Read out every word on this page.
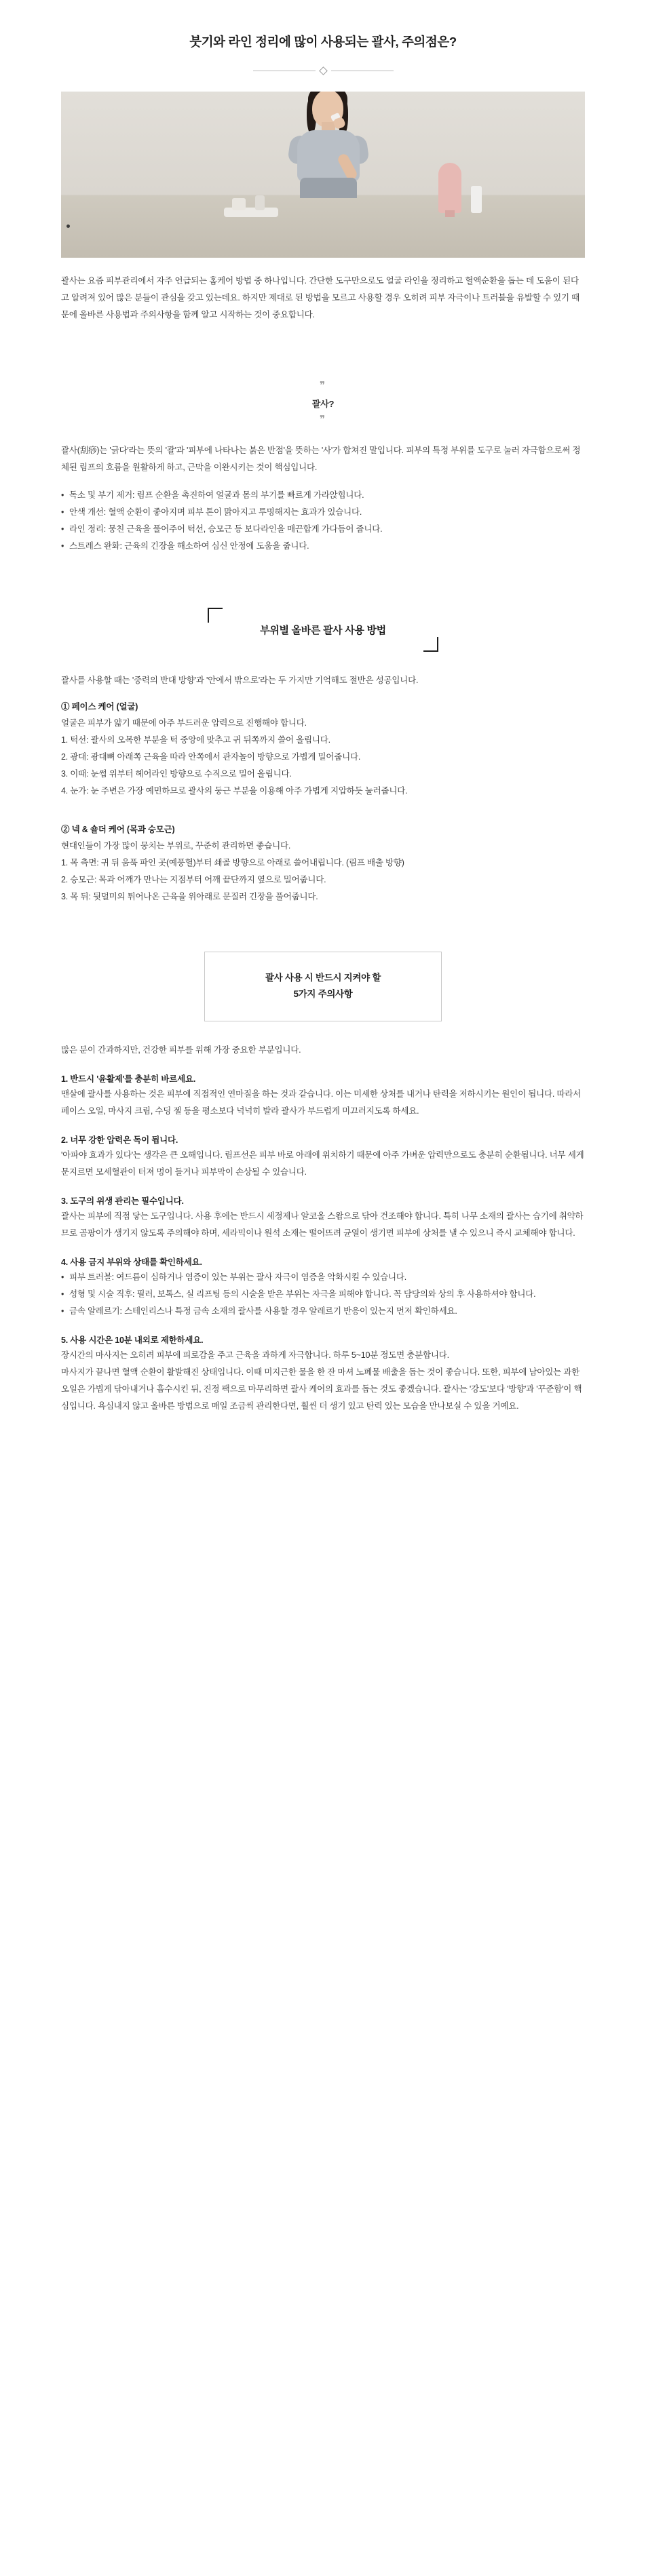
붓기와 라인 정리에 많이 사용되는 괄사, 주의점은?

괄사는 요즘 피부관리에서 자주 언급되는 홈케어 방법 중 하나입니다. 간단한 도구만으로도 얼굴 라인을 정리하고 혈액순환을 돕는 데 도움이 된다고 알려져 있어 많은 분들이 관심을 갖고 있는데요. 하지만 제대로 된 방법을 모르고 사용할 경우 오히려 피부 자극이나 트러블을 유발할 수 있기 때문에 올바른 사용법과 주의사항을 함께 알고 시작하는 것이 중요합니다.

❞
괄사?
❞

괄사(刮痧)는 '긁다'라는 뜻의 '괄'과 '피부에 나타나는 붉은 반점'을 뜻하는 '사'가 합쳐진 말입니다. 피부의 특정 부위를 도구로 눌러 자극함으로써 정체된 림프의 흐름을 원활하게 하고, 근막을 이완시키는 것이 핵심입니다.

• 독소 및 부기 제거: 림프 순환을 촉진하여 얼굴과 몸의 부기를 빠르게 가라앉힙니다.
• 안색 개선: 혈액 순환이 좋아지며 피부 톤이 맑아지고 투명해지는 효과가 있습니다.
• 라인 정리: 뭉친 근육을 풀어주어 턱선, 승모근 등 보다라인을 매끈합게 가다듬어 줍니다.
• 스트레스 완화: 근육의 긴장을 해소하여 심신 안정에 도움을 줍니다.
부위별 올바른 괄사 사용 방법

괄사를 사용할 때는 '중력의 반대 방향'과 '안에서 밖으로'라는 두 가지만 기억해도 절반은 성공입니다.

① 페이스 케어 (얼굴)
얼굴은 피부가 얇기 때문에 아주 부드러운 압력으로 진행해야 합니다.
1. 턱선: 괄사의 오목한 부분을 턱 중앙에 맞추고 귀 뒤쪽까지 쓸어 올립니다.
2. 광대: 광대뼈 아래쪽 근육을 따라 안쪽에서 관자놀이 방향으로 가볍게 밀어줍니다.
3. 이때: 눈썹 위부터 헤어라인 방향으로 수직으로 밀어 올립니다.
4. 눈가: 눈 주변은 가장 예민하므로 괄사의 둥근 부분을 이용해 아주 가볍게 지압하듯 눌러줍니다.
② 넥 & 숄더 케어 (목과 승모근)
현대인들이 가장 많이 뭉치는 부위로, 꾸준히 관리하면 좋습니다.
1. 목 측면: 귀 뒤 움푹 파인 곳(예풍혈)부터 쇄골 방향으로 아래로 쓸어내립니다. (림프 배출 방향)
2. 승모근: 목과 어깨가 만나는 지점부터 어깨 끝단까지 옆으로 밀어줍니다.
3. 목 뒤: 뒷덜미의 튀어나온 근육을 위아래로 문질러 긴장을 풀어줍니다.
괄사 사용 시 반드시 지켜야 할
5가지 주의사항

많은 분이 간과하지만, 건강한 피부를 위해 가장 중요한 부분입니다.

1. 반드시 '윤활제'를 충분히 바르세요.
맨살에 괄사를 사용하는 것은 피부에 직접적인 연마질을 하는 것과 같습니다. 이는 미세한 상처를 내거나 탄력을 저하시키는 원인이 됩니다. 따라서 페이스 오일, 마사지 크림, 수딩 젤 등을 평소보다 넉넉히 발라 괄사가 부드럽게 미끄러지도록 하세요.
2. 너무 강한 압력은 독이 됩니다.
'아파야 효과가 있다'는 생각은 큰 오해입니다. 림프선은 피부 바로 아래에 위치하기 때문에 아주 가벼운 압력만으로도 충분히 순환됩니다. 너무 세게 문지르면 모세혈관이 터져 멍이 들거나 피부막이 손상될 수 있습니다.
3. 도구의 위생 관리는 필수입니다.
괄사는 피부에 직접 닿는 도구입니다. 사용 후에는 반드시 세정제나 알코올 스왑으로 닦아 건조해야 합니다. 특히 나무 소재의 괄사는 습기에 취약하므로 곰팡이가 생기지 않도록 주의해야 하며, 세라믹이나 원석 소재는 떨어뜨려 균열이 생기면 피부에 상처를 낼 수 있으니 즉시 교체해야 합니다.
4. 사용 금지 부위와 상태를 확인하세요.
• 피부 트러블: 여드름이 심하거나 염증이 있는 부위는 괄사 자극이 염증을 악화시킬 수 있습니다.
• 성형 및 시술 직후: 필러, 보톡스, 실 리프팅 등의 시술을 받은 부위는 자극을 피해야 합니다. 꼭 담당의와 상의 후 사용하셔야 합니다.
• 금속 알레르기: 스테인리스나 특정 금속 소재의 괄사를 사용할 경우 알레르기 반응이 있는지 먼저 확인하세요.
5. 사용 시간은 10분 내외로 제한하세요.
장시간의 마사지는 오히려 피부에 피로감을 주고 근육을 과하게 자극합니다. 하루 5~10분 정도면 충분합니다.

마사지가 끝나면 혈액 순환이 활발해진 상태입니다. 이때 미지근한 물을 한 잔 마셔 노폐물 배출을 돕는 것이 좋습니다. 또한, 피부에 남아있는 과한 오일은 가볍게 닦아내거나 흡수시킨 뒤, 진정 팩으로 마무리하면 괄사 케어의 효과를 돕는 것도 좋겠습니다. 괄사는 '강도'보다 '방향'과 '꾸준함'이 핵심입니다. 욕심내지 않고 올바른 방법으로 매일 조금씩 관리한다면, 훨씬 더 생기 있고 탄력 있는 모습을 만나보실 수 있을 거예요.
